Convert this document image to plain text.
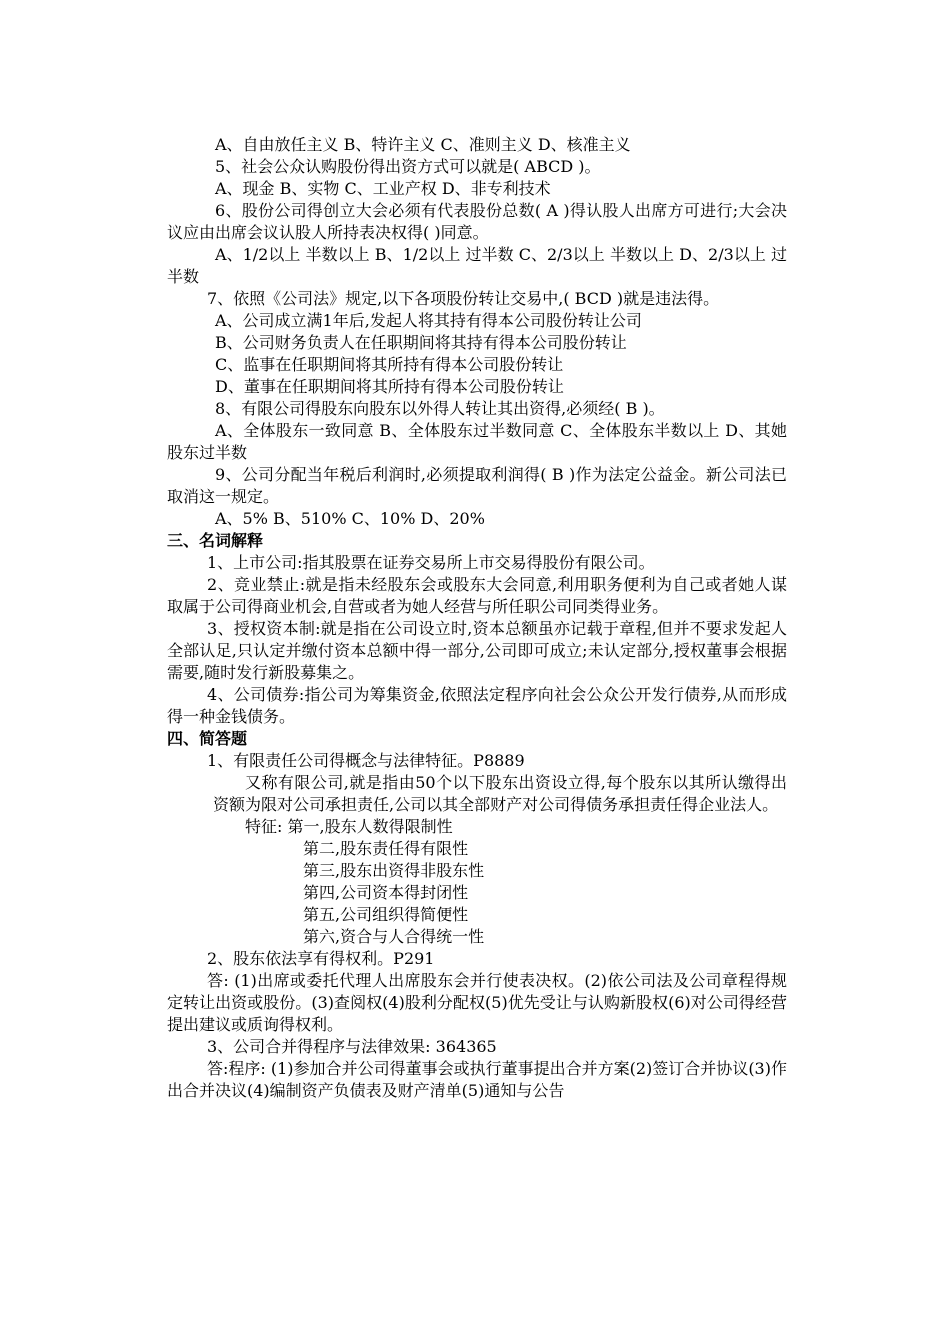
A、自由放任主义 B、特许主义 C、准则主义 D、核准主义

5、社会公众认购股份得出资方式可以就是( ABCD )。

A、现金 B、实物 C、工业产权 D、非专利技术

6、股份公司得创立大会必须有代表股份总数( A )得认股人出席方可进行;大会决议应由出席会议认股人所持表决权得( )同意。

A、1/2以上 半数以上 B、1/2以上 过半数 C、2/3以上 半数以上 D、2/3以上 过半数

7、依照《公司法》规定,以下各项股份转让交易中,( BCD )就是违法得。

A、公司成立满1年后,发起人将其持有得本公司股份转让公司

B、公司财务负责人在任职期间将其持有得本公司股份转让

C、监事在任职期间将其所持有得本公司股份转让

D、董事在任职期间将其所持有得本公司股份转让

8、有限公司得股东向股东以外得人转让其出资得,必须经( B )。

A、全体股东一致同意 B、全体股东过半数同意 C、全体股东半数以上 D、其她股东过半数

9、公司分配当年税后利润时,必须提取利润得( B )作为法定公益金。新公司法已取消这一规定。

A、5% B、510% C、10% D、20%

三、名词解释

1、上市公司:指其股票在证券交易所上市交易得股份有限公司。

2、竞业禁止:就是指未经股东会或股东大会同意,利用职务便利为自己或者她人谋取属于公司得商业机会,自营或者为她人经营与所任职公司同类得业务。

3、授权资本制:就是指在公司设立时,资本总额虽亦记载于章程,但并不要求发起人全部认足,只认定并缴付资本总额中得一部分,公司即可成立;未认定部分,授权董事会根据需要,随时发行新股募集之。

4、公司债券:指公司为筹集资金,依照法定程序向社会公众公开发行债券,从而形成得一种金钱债务。

四、简答题

1、有限责任公司得概念与法律特征。P8889

又称有限公司,就是指由50个以下股东出资设立得,每个股东以其所认缴得出资额为限对公司承担责任,公司以其全部财产对公司得债务承担责任得企业法人。

特征: 第一,股东人数得限制性

第二,股东责任得有限性

第三,股东出资得非股东性

第四,公司资本得封闭性

第五,公司组织得简便性

第六,资合与人合得统一性

2、股东依法享有得权利。P291

答: (1)出席或委托代理人出席股东会并行使表决权。(2)依公司法及公司章程得规定转让出资或股份。(3)查阅权(4)股利分配权(5)优先受让与认购新股权(6)对公司得经营提出建议或质询得权利。

3、公司合并得程序与法律效果: 364365

答:程序: (1)参加合并公司得董事会或执行董事提出合并方案(2)签订合并协议(3)作出合并决议(4)编制资产负债表及财产清单(5)通知与公告
